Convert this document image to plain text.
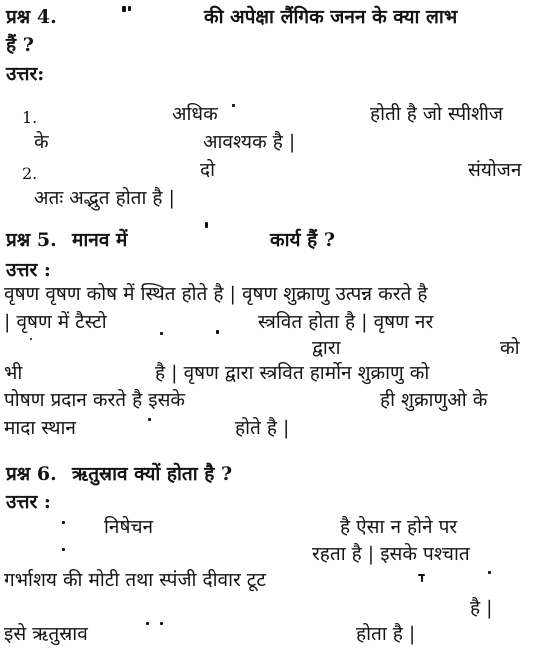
प्रश्न 4.	की अपेक्षा लैंगिक जनन के क्या लाभ
हैं ?
उत्तर:
1.	अधिक	होती है जो स्पीशीज
के	आवश्यक है |
2.	दो	संयोजन
अतः अद्भुत होता है |
प्रश्न 5. मानव में	कार्य हैं ?
उत्तर :
वृषण वृषण कोष में स्थित होते है | वृषण शुक्राणु उत्पन्न करते है
| वृषण में टैस्टो	स्त्रवित होता है | वृषण नर
द्वारा	को
भी	है | वृषण द्वारा स्त्रवित हार्मोन शुक्राणु को
पोषण प्रदान करते है इसके	ही शुक्राणुओ के
मादा स्थान	होते है |
प्रश्न 6. ऋतुस्राव क्यों होता है ?
उत्तर :
निषेचन	है ऐसा न होने पर
रहता है | इसके पश्चात
गर्भाशय की मोटी तथा स्पंजी दीवार टूट
है |
इसे ऋतुस्राव	होता है |
